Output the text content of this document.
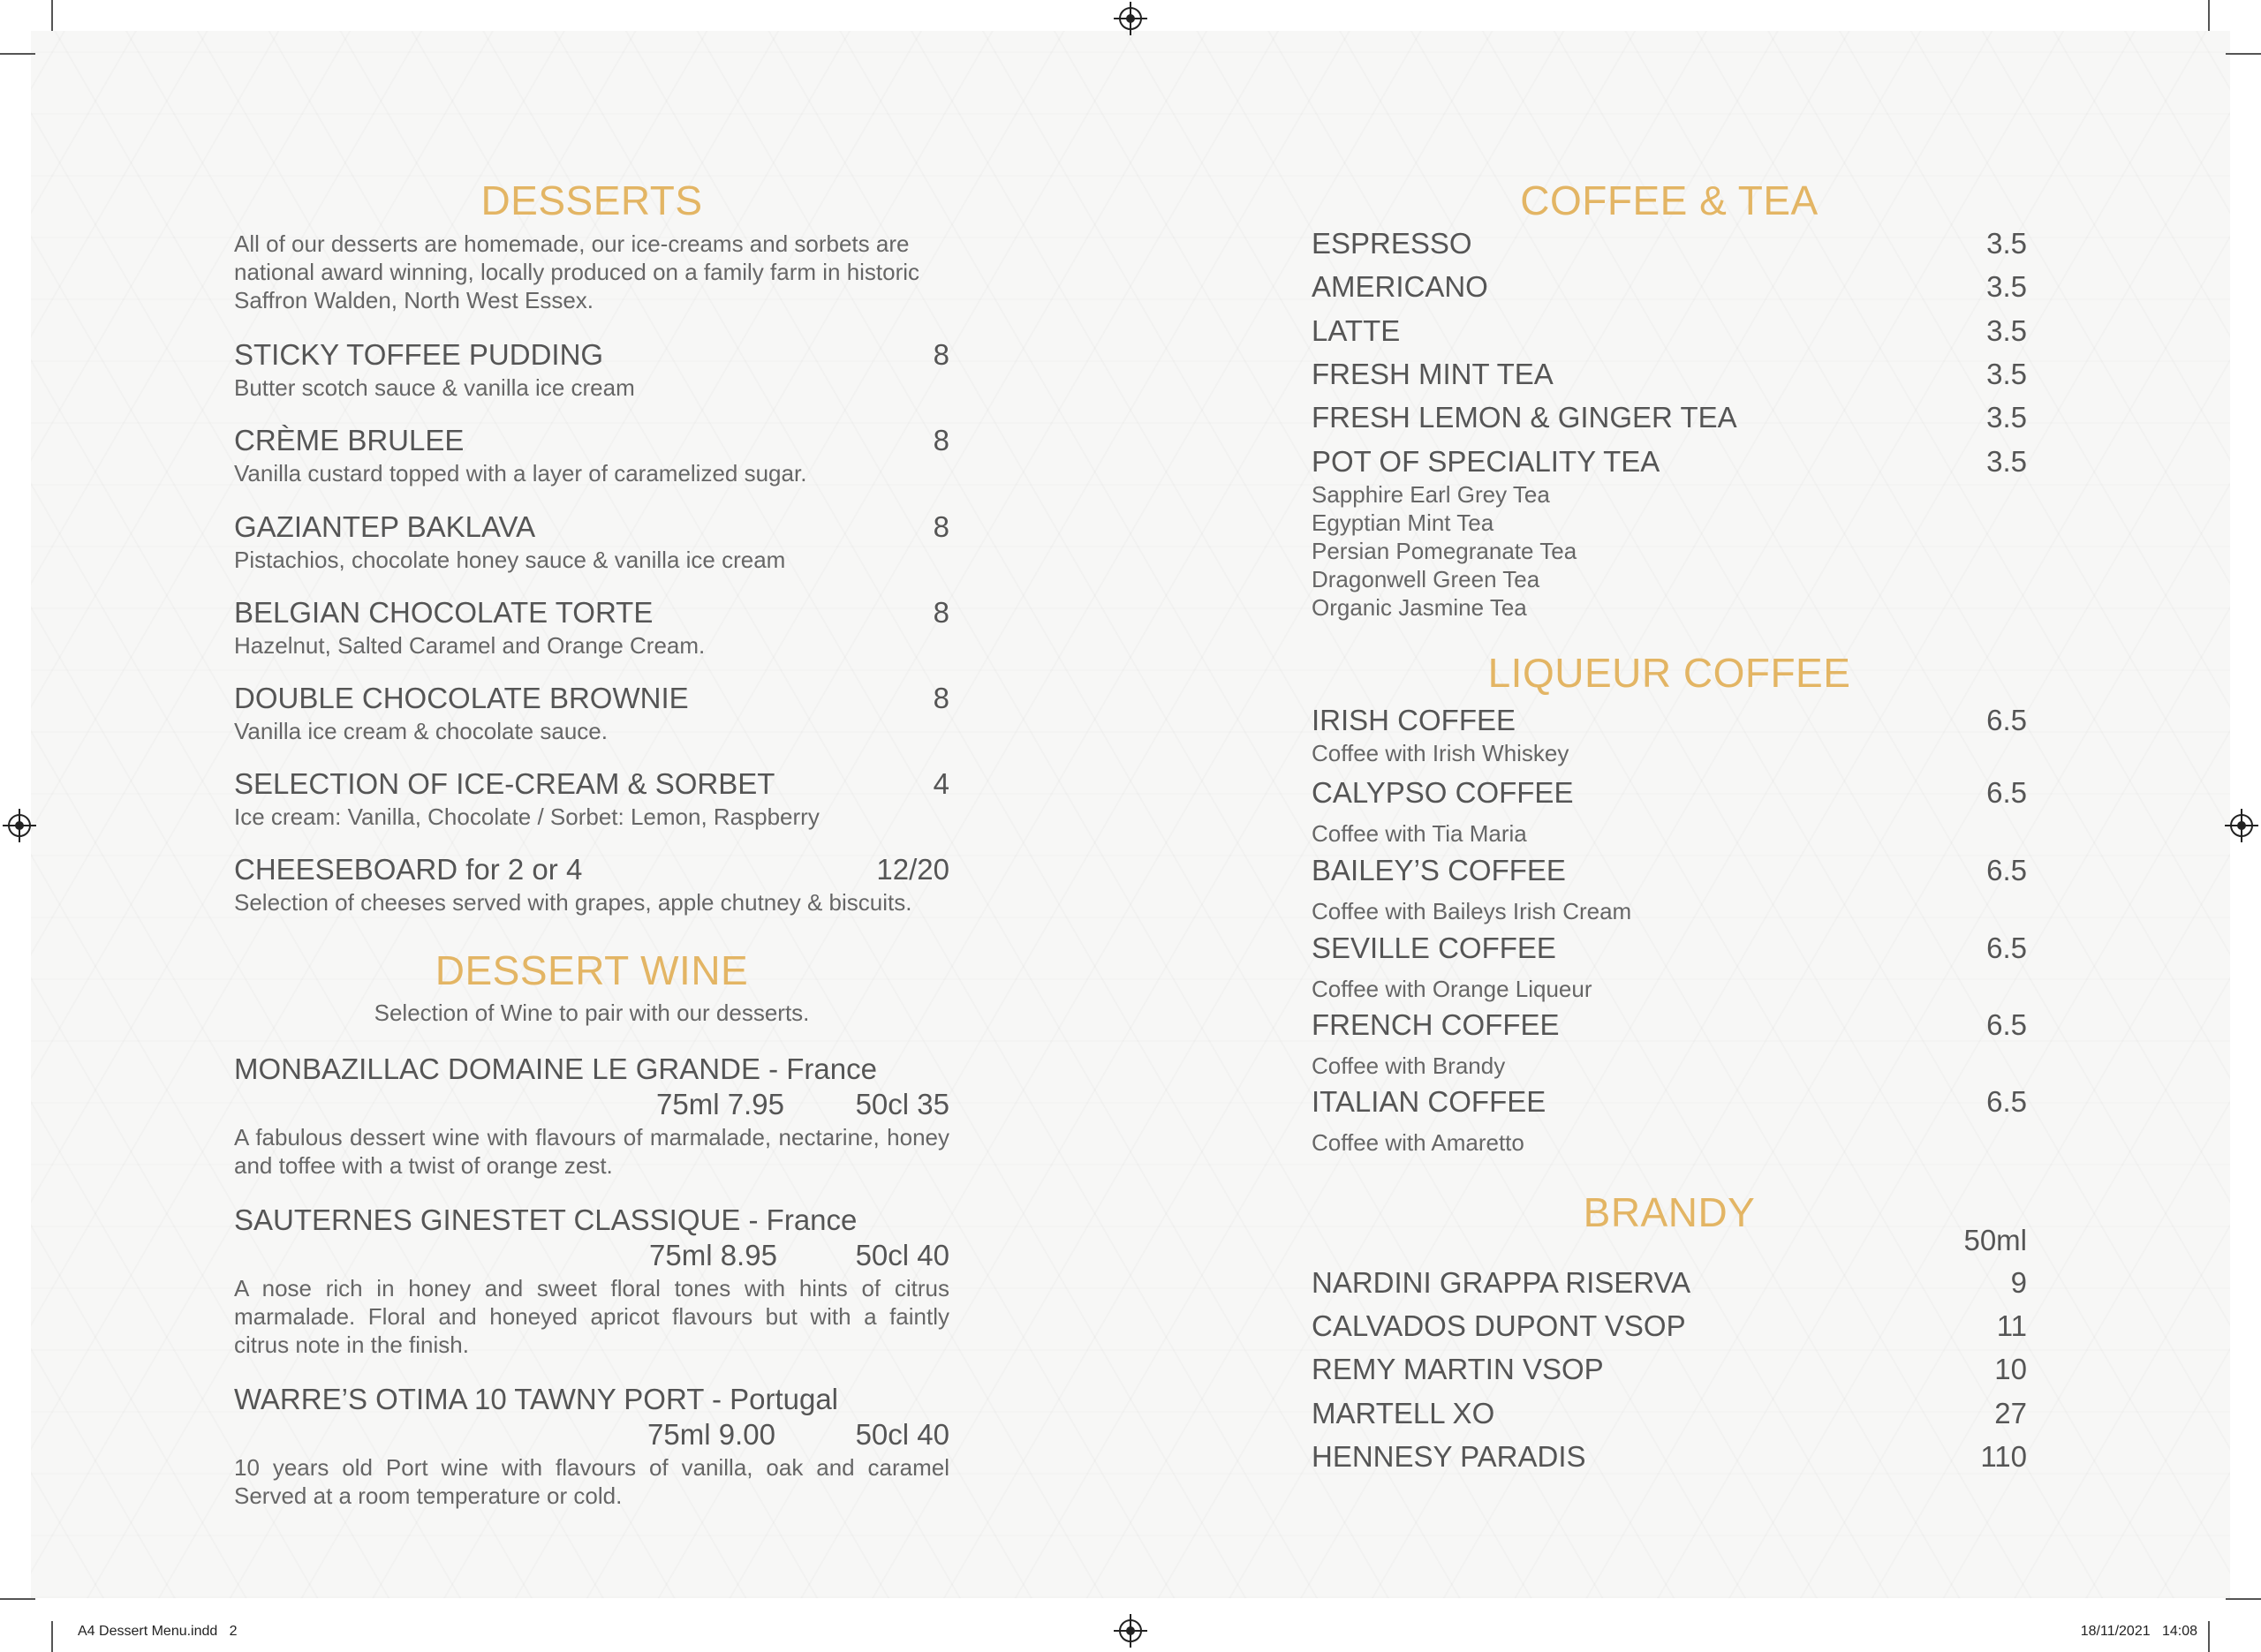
DESSERTS
All of our desserts are homemade, our ice-creams and sorbets are national award winning, locally produced on a family farm in historic Saffron Walden, North West Essex.
STICKY TOFFEE PUDDING	8
Butter scotch sauce & vanilla ice cream
CRÈME BRULEE	8
Vanilla custard topped with a layer of caramelized sugar.
GAZIANTEP BAKLAVA	8
Pistachios, chocolate honey sauce & vanilla ice cream
BELGIAN CHOCOLATE TORTE	8
Hazelnut, Salted Caramel and Orange Cream.
DOUBLE CHOCOLATE BROWNIE	8
Vanilla ice cream & chocolate sauce.
SELECTION OF ICE-CREAM & SORBET	4
Ice cream: Vanilla, Chocolate / Sorbet: Lemon, Raspberry
CHEESEBOARD for 2 or 4	12/20
Selection of cheeses served with grapes, apple chutney & biscuits.
DESSERT WINE
Selection of Wine to pair with our desserts.
MONBAZILLAC DOMAINE LE GRANDE - France
75ml 7.95 50cl 35
A fabulous dessert wine with flavours of marmalade, nectarine, honey and toffee with a twist of orange zest.
SAUTERNES GINESTET CLASSIQUE - France
75ml 8.95	50cl 40
A nose rich in honey and sweet floral tones with hints of citrus marmalade. Floral and honeyed apricot flavours but with a faintly citrus note in the finish.
WARRE’S OTIMA 10 TAWNY PORT - Portugal
75ml 9.00	50cl 40
10 years old Port wine with flavours of vanilla, oak and caramel Served at a room temperature or cold.
COFFEE & TEA
ESPRESSO	3.5
AMERICANO	3.5
LATTE	3.5
FRESH MINT TEA	3.5
FRESH LEMON & GINGER TEA	3.5
POT OF SPECIALITY TEA	3.5
Sapphire Earl Grey Tea
Egyptian Mint Tea
Persian Pomegranate Tea
Dragonwell Green Tea
Organic Jasmine Tea
LIQUEUR COFFEE
IRISH COFFEE	6.5
Coffee with Irish Whiskey
CALYPSO COFFEE	6.5
Coffee with Tia Maria
BAILEY’S COFFEE	6.5
Coffee with Baileys Irish Cream
SEVILLE COFFEE	6.5
Coffee with Orange Liqueur
FRENCH COFFEE	6.5
Coffee with Brandy
ITALIAN COFFEE	6.5
Coffee with Amaretto
BRANDY
50ml
NARDINI GRAPPA RISERVA	9
CALVADOS DUPONT VSOP	11
REMY MARTIN VSOP	10
MARTELL XO	27
HENNESY PARADIS	110
A4 Dessert Menu.indd   2	18/11/2021   14:08
